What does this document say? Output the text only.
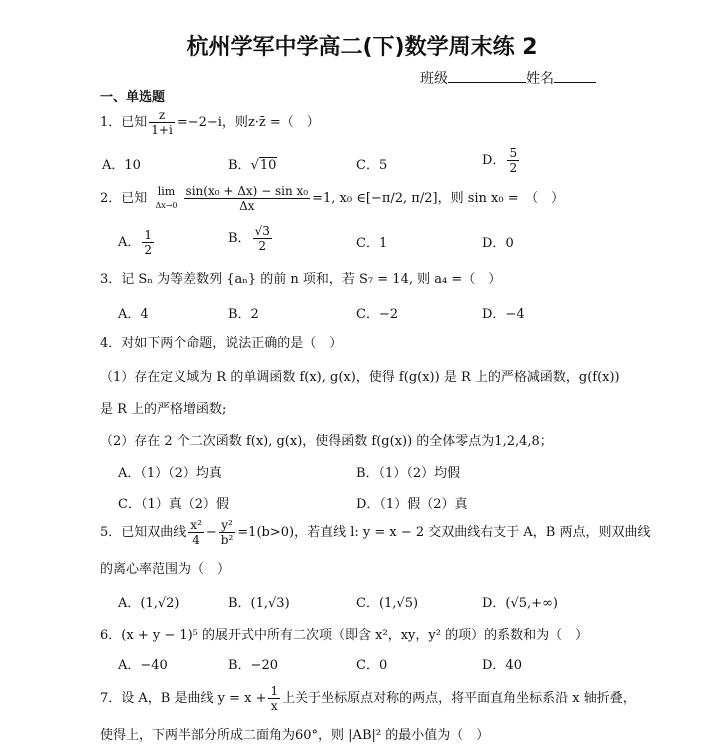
杭州学军中学高二(下)数学周末练 2
班级	姓名
一、单选题
1．已知 $\frac{z}{1+i} =-2-i$，则z·z̄ =（　）
A．10	B．√10	C．5	D． $\frac{5}{2}$
2．已知 lim
$\Delta x\to 0 \frac{\text{sin(x₀ + Δx) − sin x₀}}{\Delta x} =1$, x₀ ∈[−π/2, π/2]，则 sin x₀ =　（　）
A． $\frac{1}{2}$	B． $\frac{√3}{2}$	C．1	D．0
3．记 Sₙ 为等差数列 {aₙ} 的前 n 项和，若 S₇ = 14, 则 a₄ =（　）
A．4	B．2	C．−2	D．−4
4．对如下两个命题，说法正确的是（　）
（1）存在定义域为 R 的单调函数 f(x), g(x)，使得 f(g(x)) 是 R 上的严格减函数，g(f(x))
是 R 上的严格增函数;
（2）存在 2 个二次函数 f(x), g(x)，使得函数 f(g(x)) 的全体零点为1,2,4,8；
A．（1）（2）均真	B．（1）（2）均假
C．（1）真（2）假	D．（1）假（2）真
5．已知双曲线 $\frac{\text{x²}}{4} - \frac{\text{y²}}{\text{b²}} =1(b>0)$，若直线 l: y = x − 2 交双曲线右支于 A，B 两点，则双曲线
的离心率范围为（　）
A．(1,√2)	B．(1,√3)	C．(1,√5)	D．(√5,+∞)
6．(x + y − 1)⁵ 的展开式中所有二次项（即含 x²，xy，y² 的项）的系数和为（　）
A．−40	B．−20	C．0	D．40
7．设 A，B 是曲线 $y = x + \frac{1}{x}$ 上关于坐标原点对称的两点，将平面直角坐标系沿 x 轴折叠，
使得上，下两半部分所成二面角为60°，则 |AB|² 的最小值为（　）
